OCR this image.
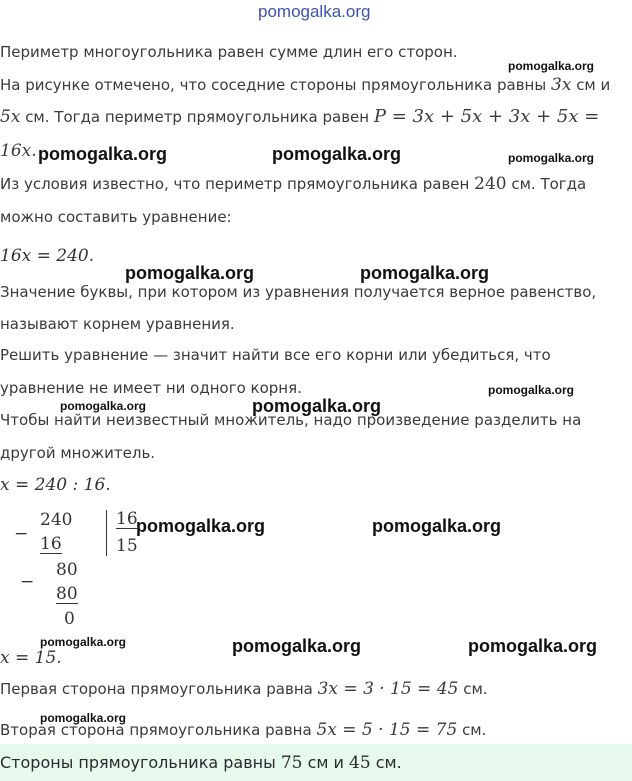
pomogalka.org
pomogalka.org
pomogalka.org	pomogalka.org	pomogalka.org
pomogalka.org	pomogalka.org
pomogalka.org
pomogalka.org	pomogalka.org
pomogalka.org	pomogalka.org
pomogalka.org	pomogalka.org	pomogalka.org
pomogalka.org
Периметр многоугольника равен сумме длин его сторон.
На рисунке отмечено, что соседние стороны прямоугольника равны 3x см и
5x см. Тогда периметр прямоугольника равен P = 3x + 5x + 3x + 5x =
16x.
Из условия известно, что периметр прямоугольника равен 240 см. Тогда
можно составить уравнение:
16x = 240.
Значение буквы, при котором из уравнения получается верное равенство,
называют корнем уравнения.
Решить уравнение — значит найти все его корни или убедиться, что
уравнение не имеет ни одного корня.
Чтобы найти неизвестный множитель, надо произведение разделить на
другой множитель.
x = 240 : 16.
−
240
16
16
15
−
80
80
0
x = 15.
Первая сторона прямоугольника равна 3x = 3 · 15 = 45 см.
Вторая сторона прямоугольника равна 5x = 5 · 15 = 75 см.
Стороны прямоугольника равны 75 см и 45 см.
